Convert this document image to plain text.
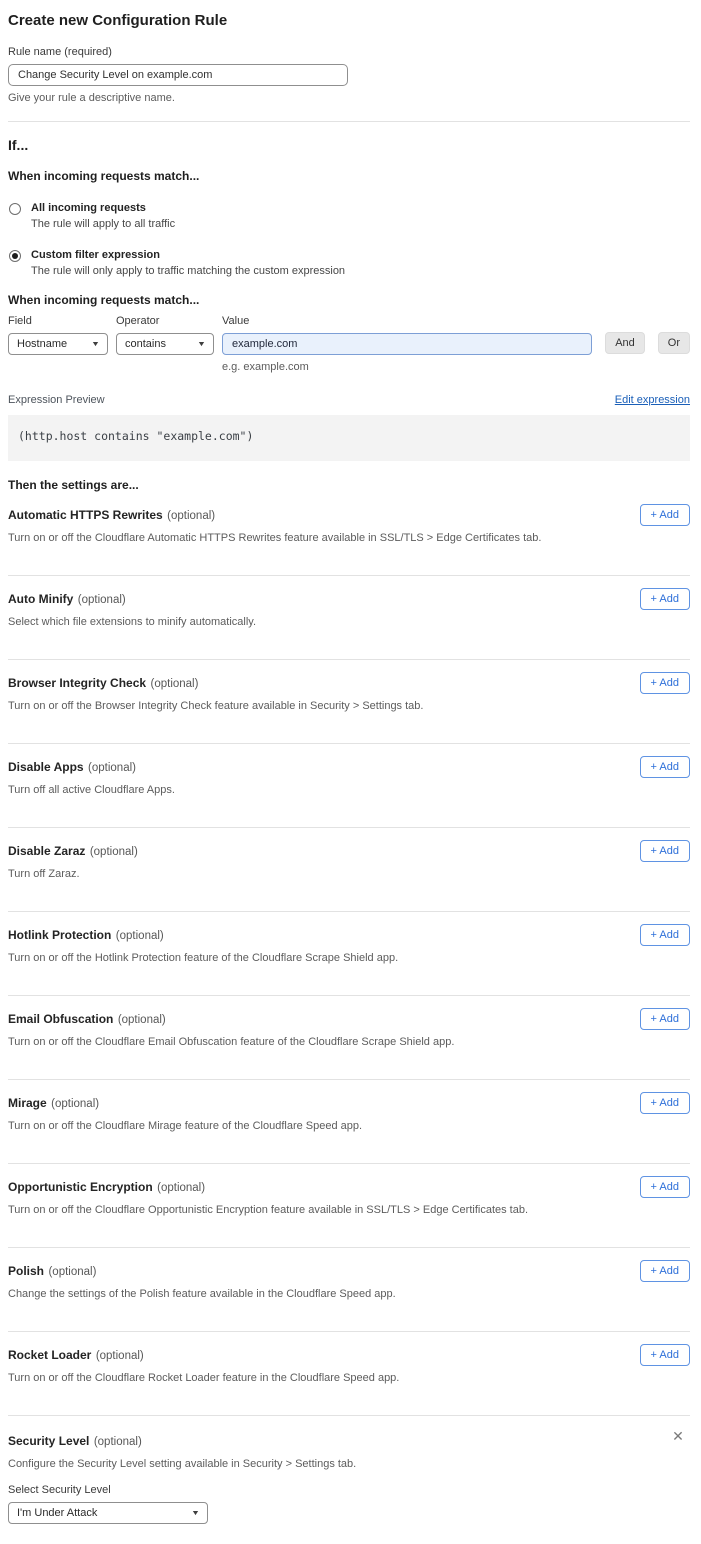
Create new Configuration Rule
Rule name (required)
Change Security Level on example.com
Give your rule a descriptive name.
If...
When incoming requests match...
All incoming requests
The rule will apply to all traffic
Custom filter expression
The rule will only apply to traffic matching the custom expression
When incoming requests match...
Field
Hostname	▼
Operator
contains	▼
Value
example.com
e.g. example.com
And	Or
Expression Preview	Edit expression
(http.host contains "example.com")
Then the settings are...
Automatic HTTPS Rewrites (optional)
Turn on or off the Cloudflare Automatic HTTPS Rewrites feature available in SSL/TLS > Edge Certificates tab.
+ Add
Auto Minify (optional)
Select which file extensions to minify automatically.
+ Add
Browser Integrity Check (optional)
Turn on or off the Browser Integrity Check feature available in Security > Settings tab.
+ Add
Disable Apps (optional)
Turn off all active Cloudflare Apps.
+ Add
Disable Zaraz (optional)
Turn off Zaraz.
+ Add
Hotlink Protection (optional)
Turn on or off the Hotlink Protection feature of the Cloudflare Scrape Shield app.
+ Add
Email Obfuscation (optional)
Turn on or off the Cloudflare Email Obfuscation feature of the Cloudflare Scrape Shield app.
+ Add
Mirage (optional)
Turn on or off the Cloudflare Mirage feature of the Cloudflare Speed app.
+ Add
Opportunistic Encryption (optional)
Turn on or off the Cloudflare Opportunistic Encryption feature available in SSL/TLS > Edge Certificates tab.
+ Add
Polish (optional)
Change the settings of the Polish feature available in the Cloudflare Speed app.
+ Add
Rocket Loader (optional)
Turn on or off the Cloudflare Rocket Loader feature in the Cloudflare Speed app.
+ Add
Security Level (optional)	✕
Configure the Security Level setting available in Security > Settings tab.
Select Security Level
I'm Under Attack	▼
